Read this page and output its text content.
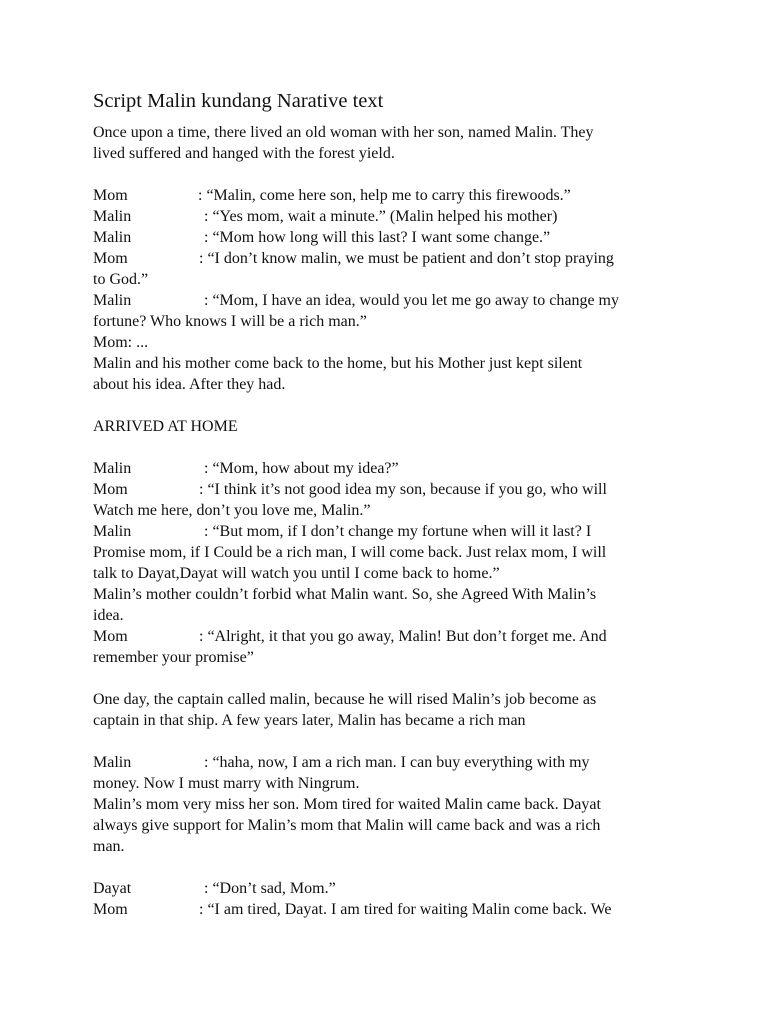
Script Malin kundang Narative text
Once upon a time, there lived an old woman with her son, named Malin. They
lived suffered and hanged with the forest yield.
Mom	: “Malin, come here son, help me to carry this firewoods.”
Malin	: “Yes mom, wait a minute.” (Malin helped his mother)
Malin	: “Mom how long will this last? I want some change.”
Mom	: “I don’t know malin, we must be patient and don’t stop praying
to God.”
Malin	: “Mom, I have an idea, would you let me go away to change my
fortune? Who knows I will be a rich man.”
Mom: ...
Malin and his mother come back to the home, but his Mother just kept silent
about his idea. After they had.
ARRIVED AT HOME
Malin	: “Mom, how about my idea?”
Mom	: “I think it’s not good idea my son, because if you go, who will
Watch me here, don’t you love me, Malin.”
Malin	: “But mom, if I don’t change my fortune when will it last? I
Promise mom, if I Could be a rich man, I will come back. Just relax mom, I will
talk to Dayat,Dayat will watch you until I come back to home.”
Malin’s mother couldn’t forbid what Malin want. So, she Agreed With Malin’s
idea.
Mom	: “Alright, it that you go away, Malin! But don’t forget me. And
remember your promise”
One day, the captain called malin, because he will rised Malin’s job become as
captain in that ship. A few years later, Malin has became a rich man
Malin	: “haha, now, I am a rich man. I can buy everything with my
money. Now I must marry with Ningrum.
Malin’s mom very miss her son. Mom tired for waited Malin came back. Dayat
always give support for Malin’s mom that Malin will came back and was a rich
man.
Dayat	: “Don’t sad, Mom.”
Mom	: “I am tired, Dayat. I am tired for waiting Malin come back. We
